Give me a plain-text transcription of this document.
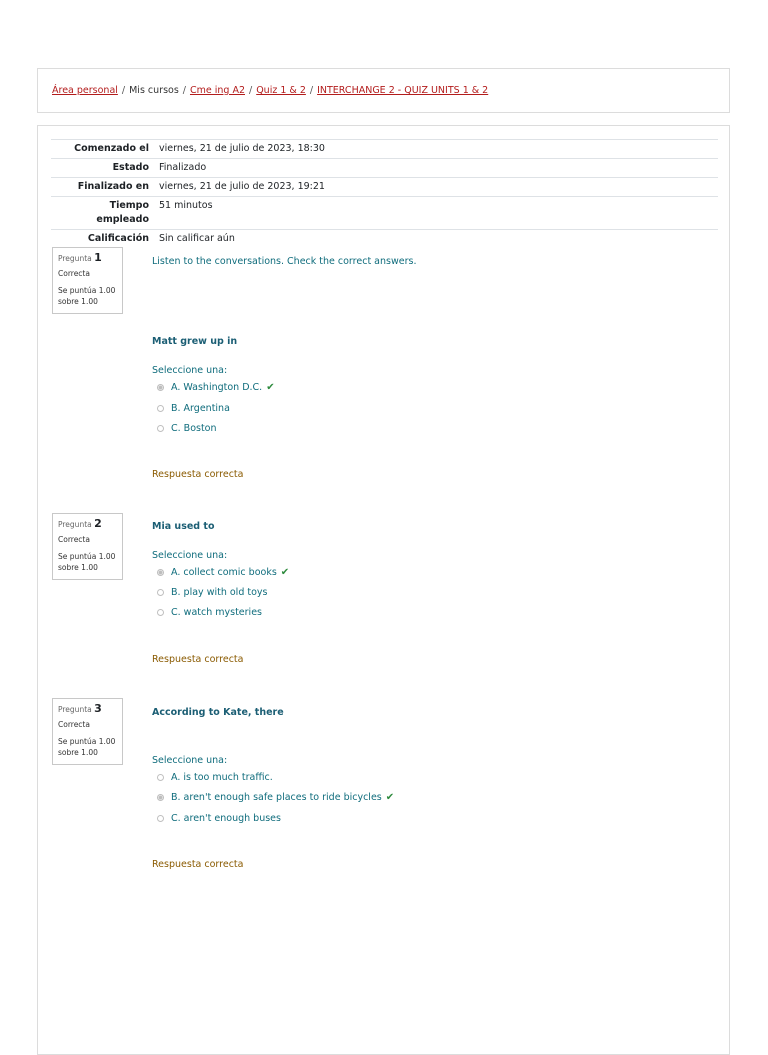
Área personal / Mis cursos / Cme ing A2 / Quiz 1 & 2 / INTERCHANGE 2 - QUIZ UNITS 1 & 2
Comenzado el	viernes, 21 de julio de 2023, 18:30
Estado	Finalizado
Finalizado en	viernes, 21 de julio de 2023, 19:21
Tiempo
empleado	51 minutos
Calificación	Sin calificar aún
Pregunta 1
Correcta
Se puntúa 1.00
sobre 1.00
Listen to the conversations. Check the correct answers.
Matt grew up in
Seleccione una:
A. Washington D.C. ✔
B. Argentina
C. Boston
Respuesta correcta
Pregunta 2
Correcta
Se puntúa 1.00
sobre 1.00
Mia used to
Seleccione una:
A. collect comic books ✔
B. play with old toys
C. watch mysteries
Respuesta correcta
Pregunta 3
Correcta
Se puntúa 1.00
sobre 1.00
According to Kate, there
Seleccione una:
A. is too much traffic.
B. aren't enough safe places to ride bicycles ✔
C. aren't enough buses
Respuesta correcta
